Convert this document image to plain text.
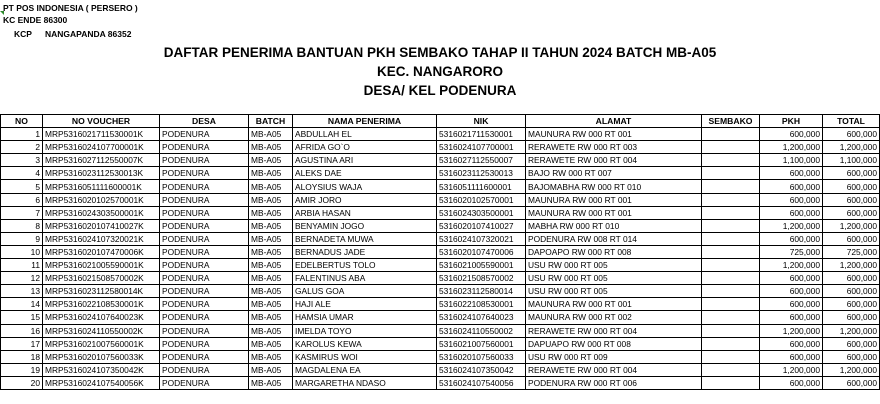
PT POS INDONESIA ( PERSERO )
KC ENDE 86300
KCP NANGAPANDA 86352
DAFTAR PENERIMA BANTUAN PKH SEMBAKO TAHAP II TAHUN 2024 BATCH MB-A05
KEC. NANGARORO
DESA/ KEL PODENURA
NO	NO VOUCHER	DESA	BATCH	NAMA PENERIMA	NIK	ALAMAT	SEMBAKO	PKH	TOTAL
1	MRP5316021711530001K	PODENURA	MB-A05	ABDULLAH EL	5316021711530001	MAUNURA RW 000 RT 001		600,000	600,000
2	MRP5316024107700001K	PODENURA	MB-A05	AFRIDA GO`O	5316024107700001	RERAWETE RW 000 RT 003		1,200,000	1,200,000
3	MRP5316027112550007K	PODENURA	MB-A05	AGUSTINA ARI	5316027112550007	RERAWETE RW 000 RT 004		1,100,000	1,100,000
4	MRP5316023112530013K	PODENURA	MB-A05	ALEKS DAE	5316023112530013	BAJO RW 000 RT 007		600,000	600,000
5	MRP5316051111600001K	PODENURA	MB-A05	ALOYSIUS WAJA	5316051111600001	BAJOMABHA RW 000 RT 010		600,000	600,000
6	MRP5316020102570001K	PODENURA	MB-A05	AMIR JORO	5316020102570001	MAUNURA RW 000 RT 001		600,000	600,000
7	MRP5316024303500001K	PODENURA	MB-A05	ARBIA HASAN	5316024303500001	MAUNURA RW 000 RT 001		600,000	600,000
8	MRP5316020107410027K	PODENURA	MB-A05	BENYAMIN JOGO	5316020107410027	MABHA RW 000 RT 010		1,200,000	1,200,000
9	MRP5316024107320021K	PODENURA	MB-A05	BERNADETA MUWA	5316024107320021	PODENURA RW 008 RT 014		600,000	600,000
10	MRP5316020107470006K	PODENURA	MB-A05	BERNADUS JADE	5316020107470006	DAPOAPO RW 000 RT 008		725,000	725,000
11	MRP5316021005590001K	PODENURA	MB-A05	EDELBERTUS TOLO	5316021005590001	USU RW 000 RT 005		1,200,000	1,200,000
12	MRP5316021508570002K	PODENURA	MB-A05	FALENTINUS ABA	5316021508570002	USU RW 000 RT 005		600,000	600,000
13	MRP5316023112580014K	PODENURA	MB-A05	GALUS GOA	5316023112580014	USU RW 000 RT 005		600,000	600,000
14	MRP5316022108530001K	PODENURA	MB-A05	HAJI ALE	5316022108530001	MAUNURA RW 000 RT 001		600,000	600,000
15	MRP5316024107640023K	PODENURA	MB-A05	HAMSIA UMAR	5316024107640023	MAUNURA RW 000 RT 002		600,000	600,000
16	MRP5316024110550002K	PODENURA	MB-A05	IMELDA TOYO	5316024110550002	RERAWETE RW 000 RT 004		1,200,000	1,200,000
17	MRP5316021007560001K	PODENURA	MB-A05	KAROLUS KEWA	5316021007560001	DAPUAPO RW 000 RT 008		600,000	600,000
18	MRP5316020107560033K	PODENURA	MB-A05	KASMIRUS WOI	5316020107560033	USU RW 000 RT 009		600,000	600,000
19	MRP5316024107350042K	PODENURA	MB-A05	MAGDALENA EA	5316024107350042	RERAWETE RW 000 RT 004		1,200,000	1,200,000
20	MRP5316024107540056K	PODENURA	MB-A05	MARGARETHA NDASO	5316024107540056	PODENURA RW 000 RT 006		600,000	600,000
